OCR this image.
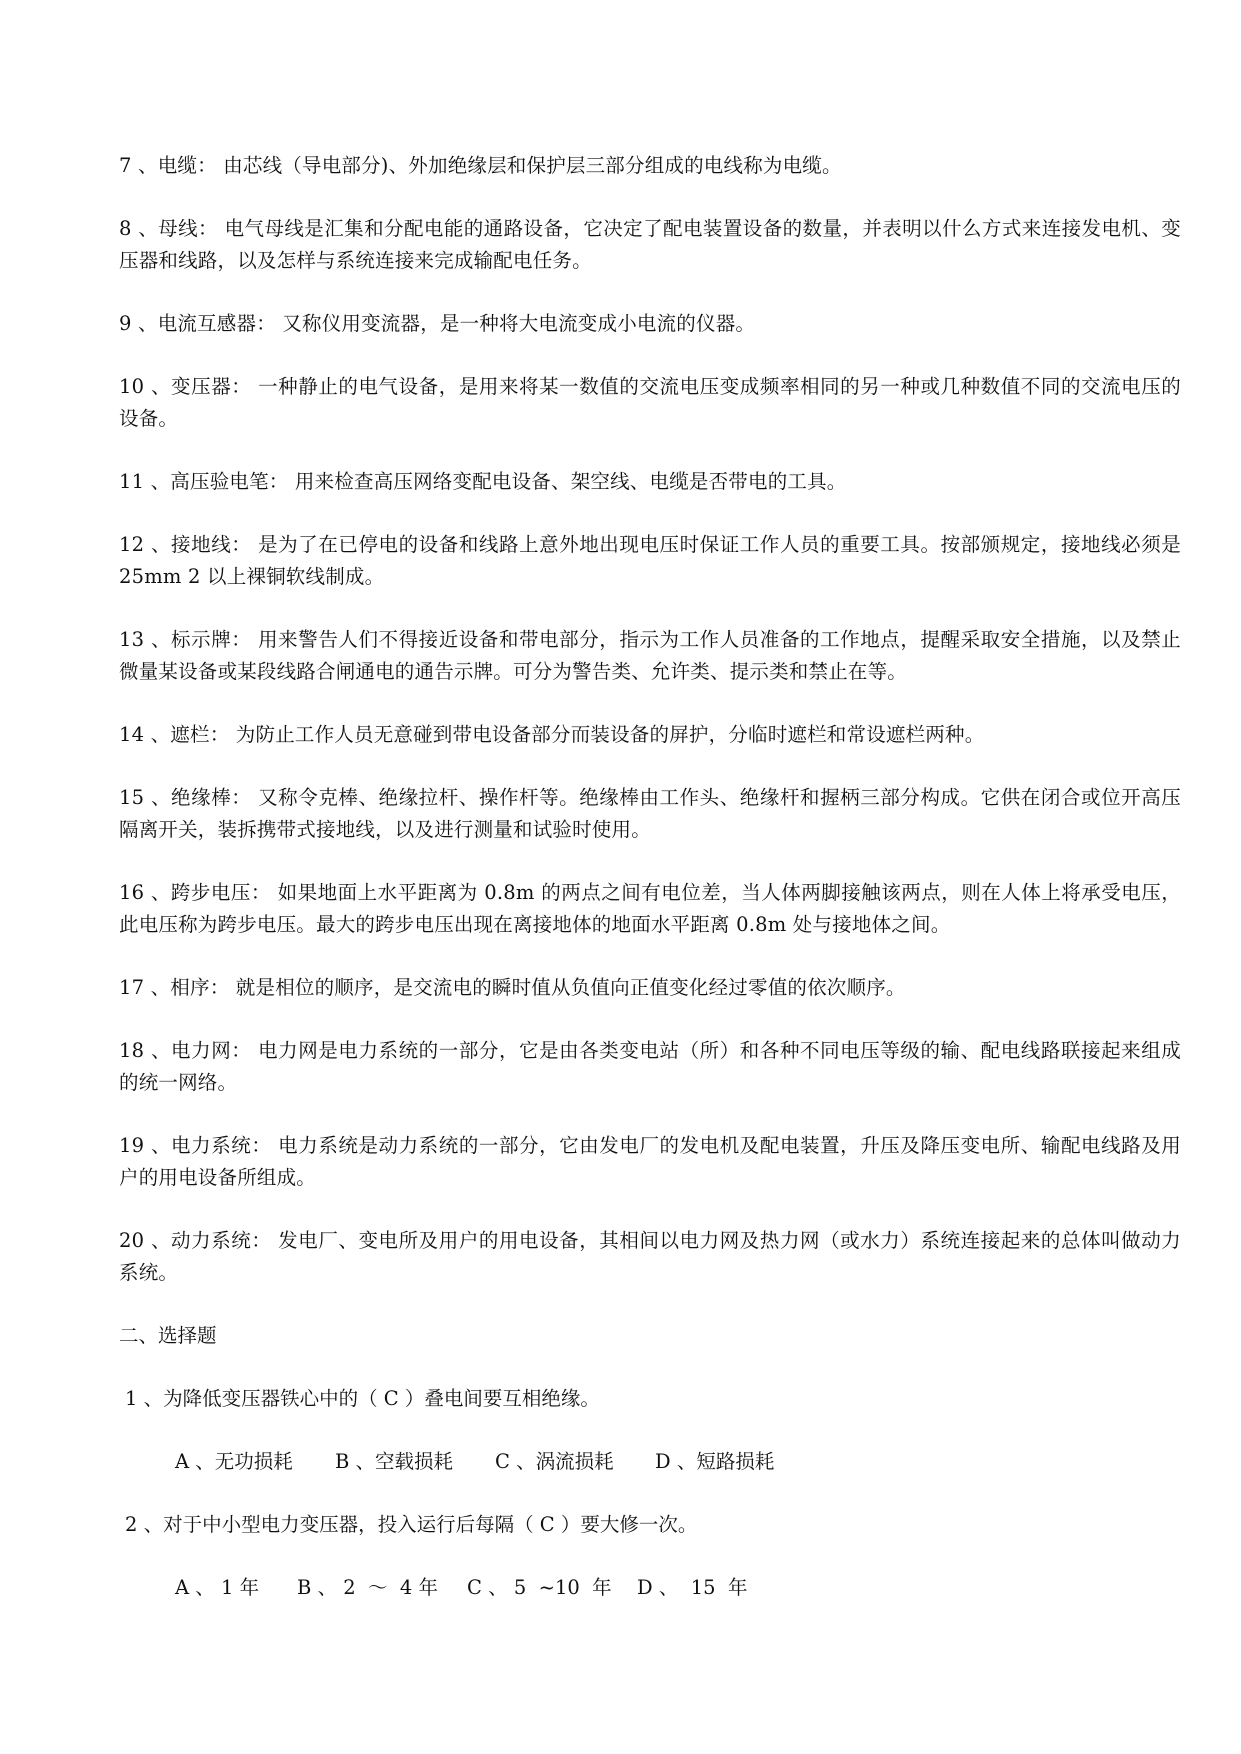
7 、电缆： 由芯线（导电部分)、外加绝缘层和保护层三部分组成的电线称为电缆。

8 、母线： 电气母线是汇集和分配电能的通路设备，它决定了配电装置设备的数量，并表明以什么方式来连接发电机、变压器和线路，以及怎样与系统连接来完成输配电任务。

9 、电流互感器： 又称仪用变流器，是一种将大电流变成小电流的仪器。

10 、变压器： 一种静止的电气设备，是用来将某一数值的交流电压变成频率相同的另一种或几种数值不同的交流电压的设备。

11 、高压验电笔： 用来检查高压网络变配电设备、架空线、电缆是否带电的工具。

12 、接地线： 是为了在已停电的设备和线路上意外地出现电压时保证工作人员的重要工具。按部颁规定，接地线必须是 25mm 2 以上裸铜软线制成。

13 、标示牌： 用来警告人们不得接近设备和带电部分，指示为工作人员准备的工作地点，提醒采取安全措施，以及禁止微量某设备或某段线路合闸通电的通告示牌。可分为警告类、允许类、提示类和禁止在等。

14 、遮栏： 为防止工作人员无意碰到带电设备部分而装设备的屏护，分临时遮栏和常设遮栏两种。

15 、绝缘棒： 又称令克棒、绝缘拉杆、操作杆等。绝缘棒由工作头、绝缘杆和握柄三部分构成。它供在闭合或位开高压隔离开关，装拆携带式接地线，以及进行测量和试验时使用。

16 、跨步电压： 如果地面上水平距离为 0.8m 的两点之间有电位差，当人体两脚接触该两点，则在人体上将承受电压，此电压称为跨步电压。最大的跨步电压出现在离接地体的地面水平距离 0.8m 处与接地体之间。

17 、相序： 就是相位的顺序，是交流电的瞬时值从负值向正值变化经过零值的依次顺序。

18 、电力网： 电力网是电力系统的一部分，它是由各类变电站（所）和各种不同电压等级的输、配电线路联接起来组成的统一网络。

19 、电力系统： 电力系统是动力系统的一部分，它由发电厂的发电机及配电装置，升压及降压变电所、输配电线路及用户的用电设备所组成。

20 、动力系统： 发电厂、变电所及用户的用电设备，其相间以电力网及热力网（或水力）系统连接起来的总体叫做动力系统。

二、选择题

1 、为降低变压器铁心中的（ C ）叠电间要互相绝缘。

A 、无功损耗 B 、空载损耗 C 、涡流损耗 D 、短路损耗

2 、对于中小型电力变压器，投入运行后每隔（ C ）要大修一次。

A 、 1 年 B 、 2  ～  4 年 C 、 5  ~10  年 D 、  15  年
